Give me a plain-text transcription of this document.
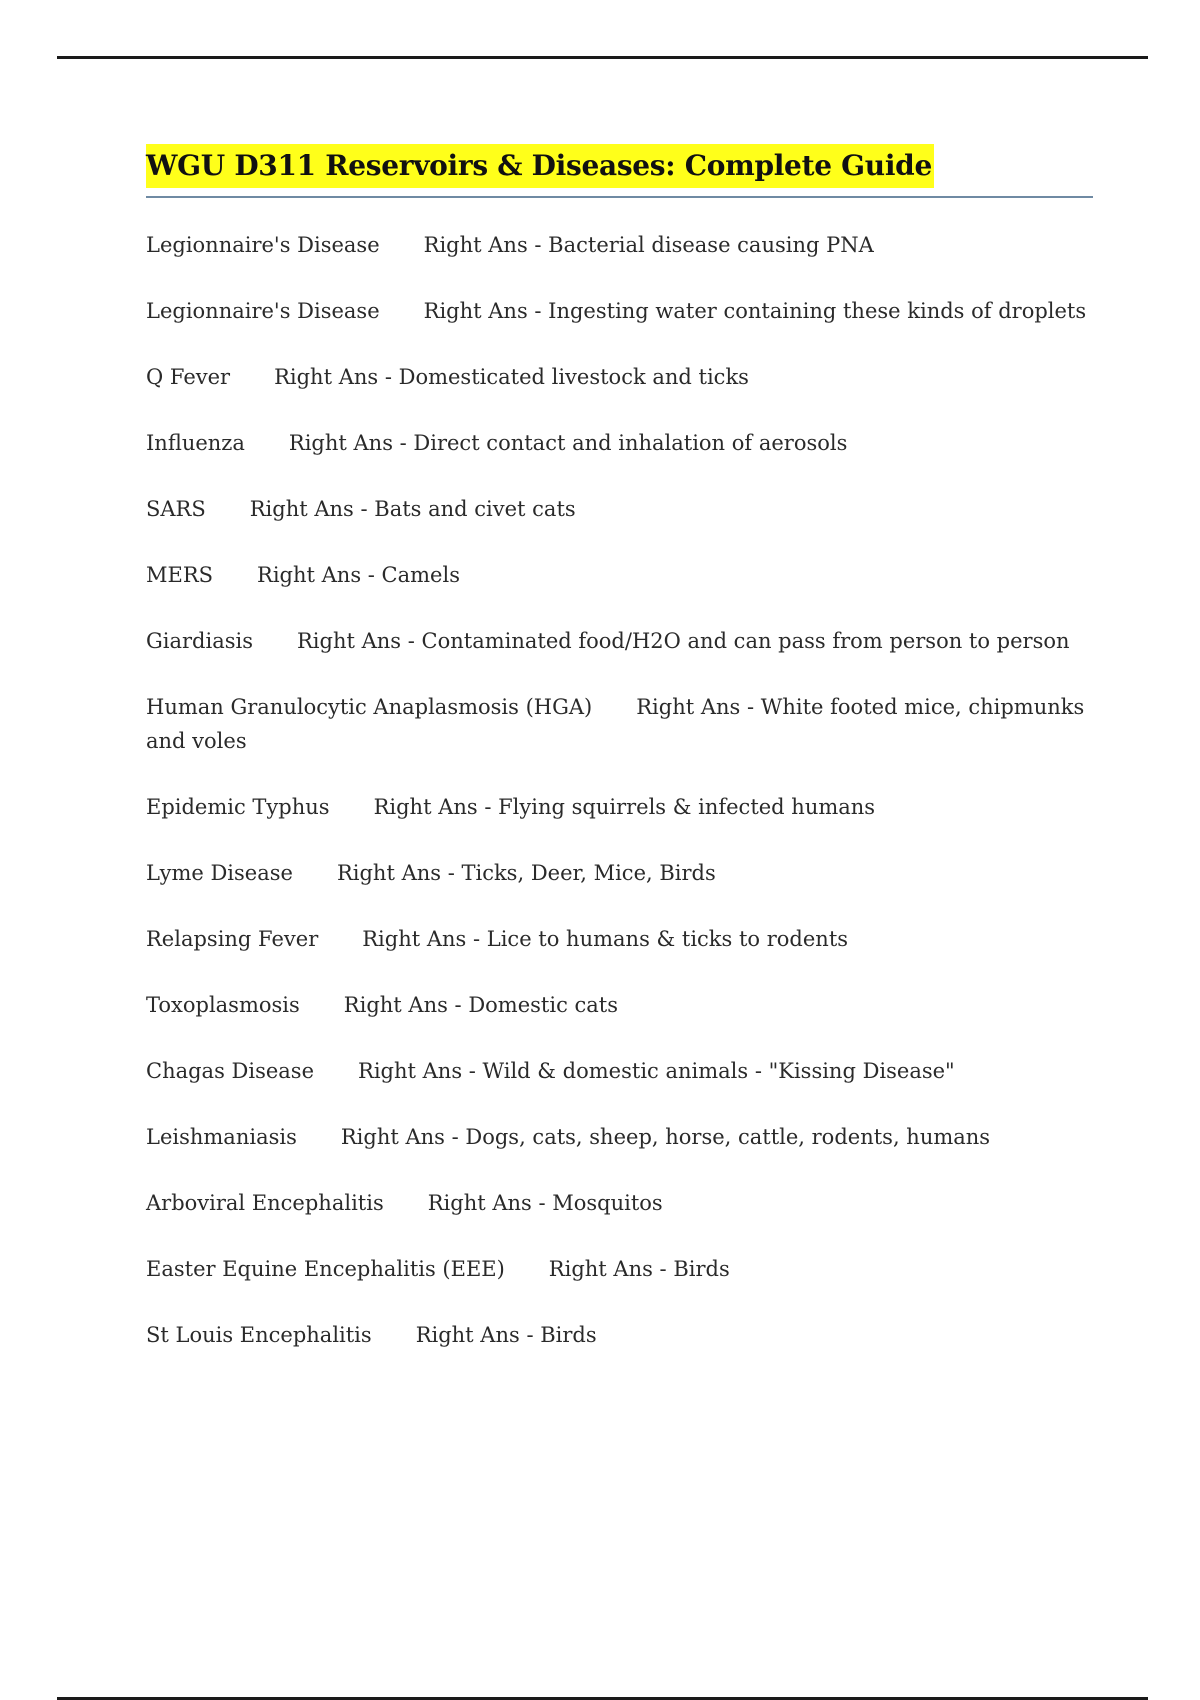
WGU D311 Reservoirs & Diseases: Complete Guide
Legionnaire's Disease Right Ans - Bacterial disease causing PNA
Legionnaire's Disease Right Ans - Ingesting water containing these kinds of droplets
Q Fever Right Ans - Domesticated livestock and ticks
Influenza Right Ans - Direct contact and inhalation of aerosols
SARS Right Ans - Bats and civet cats
MERS Right Ans - Camels
Giardiasis Right Ans - Contaminated food/H2O and can pass from person to person
Human Granulocytic Anaplasmosis (HGA) Right Ans - White footed mice, chipmunks and voles
Epidemic Typhus Right Ans - Flying squirrels & infected humans
Lyme Disease Right Ans - Ticks, Deer, Mice, Birds
Relapsing Fever Right Ans - Lice to humans & ticks to rodents
Toxoplasmosis Right Ans - Domestic cats
Chagas Disease Right Ans - Wild & domestic animals - "Kissing Disease"
Leishmaniasis Right Ans - Dogs, cats, sheep, horse, cattle, rodents, humans
Arboviral Encephalitis Right Ans - Mosquitos
Easter Equine Encephalitis (EEE) Right Ans - Birds
St Louis Encephalitis Right Ans - Birds
